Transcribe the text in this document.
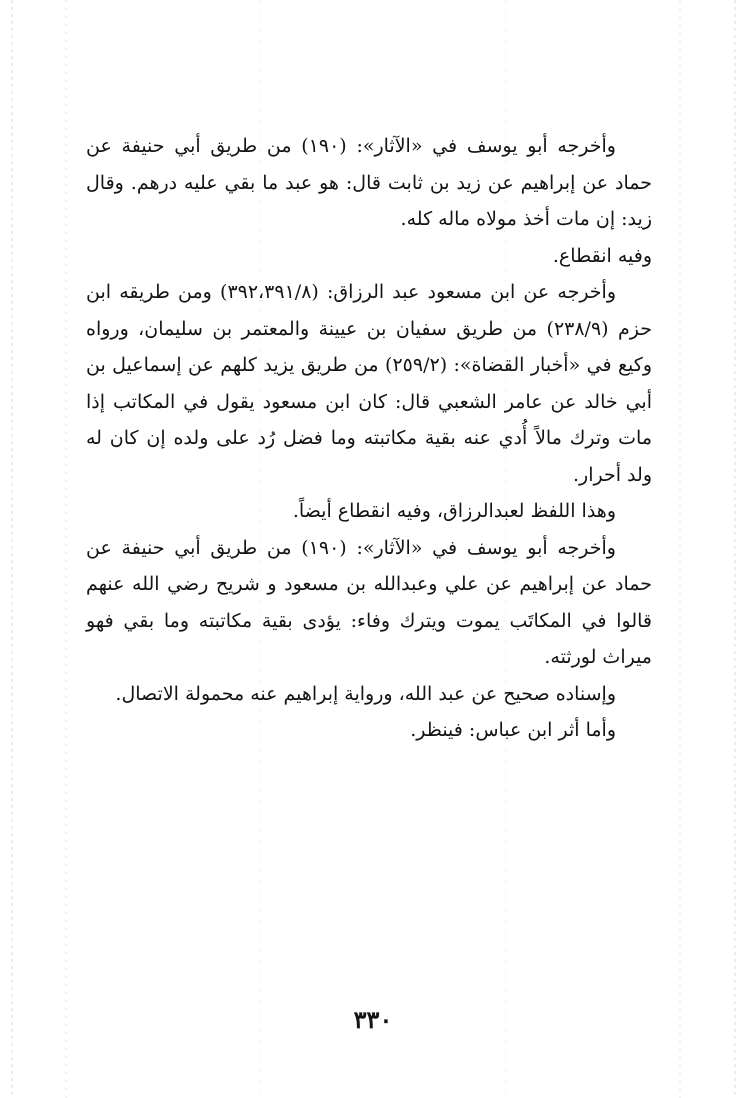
وأخرجه أبو يوسف في «الآثار»: (١٩٠) من طريق أبي حنيفة عن حماد عن إبراهيم عن زيد بن ثابت قال: هو عبد ما بقي عليه درهم. وقال زيد: إن مات أخذ مولاه ماله كله.

وفيه انقطاع.

وأخرجه عن ابن مسعود عبد الرزاق: (٣٩٢،٣٩١/٨) ومن طريقه ابن حزم (٢٣٨/٩) من طريق سفيان بن عيينة والمعتمر بن سليمان، ورواه وكيع في «أخبار القضاة»: (٢٥٩/٢) من طريق يزيد كلهم عن إسماعيل بن أبي خالد عن عامر الشعبي قال: كان ابن مسعود يقول في المكاتب إذا مات وترك مالاً أُدي عنه بقية مكاتبته وما فضل رُد على ولده إن كان له ولد أحرار.

وهذا اللفظ لعبدالرزاق، وفيه انقطاع أيضاً.

وأخرجه أبو يوسف في «الآثار»: (١٩٠) من طريق أبي حنيفة عن حماد عن إبراهيم عن علي وعبدالله بن مسعود و شريح رضي الله عنهم قالوا في المكاتَب يموت ويترك وفاء: يؤدى بقية مكاتبته وما بقي فهو ميراث لورثته.

وإسناده صحيح عن عبد الله، ورواية إبراهيم عنه محمولة الاتصال.

وأما أثر ابن عباس: فينظر.

٣٣٠
